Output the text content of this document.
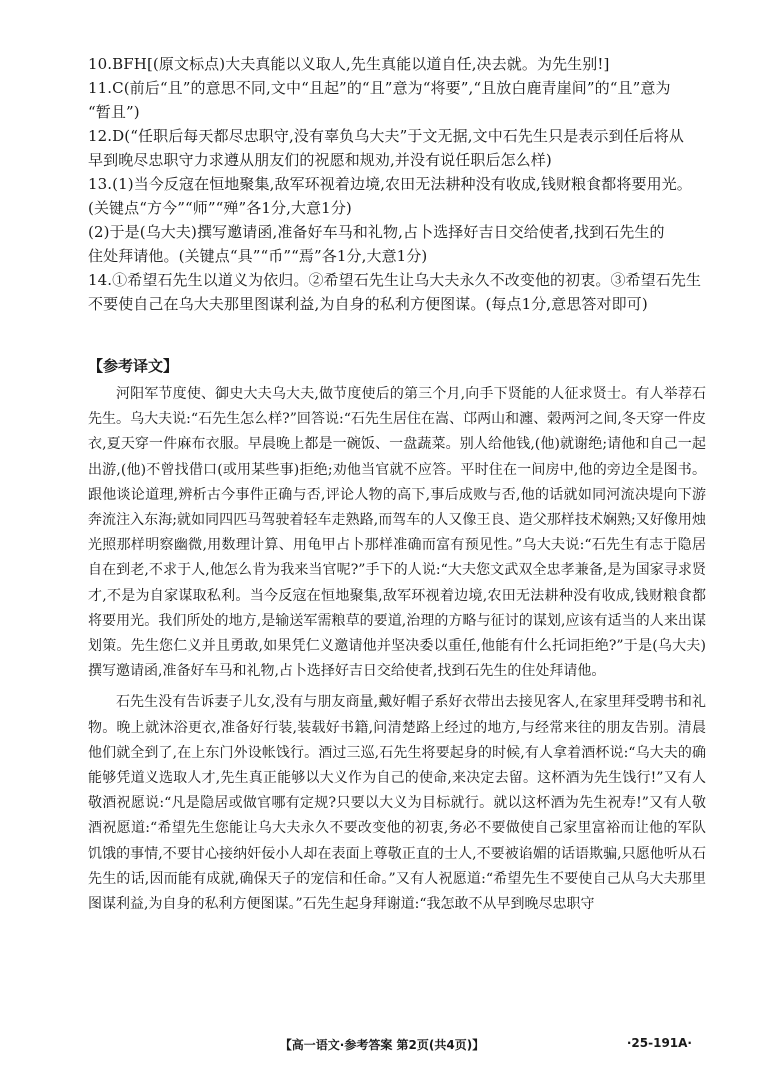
10.BFH[(原文标点)大夫真能以义取人,先生真能以道自任,决去就。为先生别!]
11.C(前后“且”的意思不同,文中“且起”的“且”意为“将要”,“且放白鹿青崖间”的“且”意为
“暂且”)
12.D(“任职后每天都尽忠职守,没有辜负乌大夫”于文无据,文中石先生只是表示到任后将从
早到晚尽忠职守力求遵从朋友们的祝愿和规劝,并没有说任职后怎么样)
13.(1)当今反寇在恒地聚集,敌军环视着边境,农田无法耕种没有收成,钱财粮食都将要用光。
(关键点“方今”“师”“殚”各1分,大意1分)
(2)于是(乌大夫)撰写邀请函,准备好车马和礼物,占卜选择好吉日交给使者,找到石先生的
住处拜请他。(关键点“具”“币”“焉”各1分,大意1分)
14.①希望石先生以道义为依归。②希望石先生让乌大夫永久不改变他的初衷。③希望石先生
不要使自己在乌大夫那里图谋利益,为自身的私利方便图谋。(每点1分,意思答对即可)
【参考译文】

河阳军节度使、御史大夫乌大夫,做节度使后的第三个月,向手下贤能的人征求贤士。有人举荐石先生。乌大夫说:“石先生怎么样?”回答说:“石先生居住在嵩、邙两山和瀍、榖两河之间,冬天穿一件皮衣,夏天穿一件麻布衣服。早晨晚上都是一碗饭、一盘蔬菜。别人给他钱,(他)就谢绝;请他和自己一起出游,(他)不曾找借口(或用某些事)拒绝;劝他当官就不应答。平时住在一间房中,他的旁边全是图书。跟他谈论道理,辨析古今事件正确与否,评论人物的高下,事后成败与否,他的话就如同河流决堤向下游奔流注入东海;就如同四匹马驾驶着轻车走熟路,而驾车的人又像王良、造父那样技术娴熟;又好像用烛光照那样明察幽微,用数理计算、用龟甲占卜那样准确而富有预见性。”乌大夫说:“石先生有志于隐居自在到老,不求于人,他怎么肯为我来当官呢?”手下的人说:“大夫您文武双全忠孝兼备,是为国家寻求贤才,不是为自家谋取私利。当今反寇在恒地聚集,敌军环视着边境,农田无法耕种没有收成,钱财粮食都将要用光。我们所处的地方,是输送军需粮草的要道,治理的方略与征讨的谋划,应该有适当的人来出谋划策。先生您仁义并且勇敢,如果凭仁义邀请他并坚决委以重任,他能有什么托词拒绝?”于是(乌大夫)撰写邀请函,准备好车马和礼物,占卜选择好吉日交给使者,找到石先生的住处拜请他。

石先生没有告诉妻子儿女,没有与朋友商量,戴好帽子系好衣带出去接见客人,在家里拜受聘书和礼物。晚上就沐浴更衣,准备好行装,装载好书籍,问清楚路上经过的地方,与经常来往的朋友告别。清晨他们就全到了,在上东门外设帐饯行。酒过三巡,石先生将要起身的时候,有人拿着酒杯说:“乌大夫的确能够凭道义选取人才,先生真正能够以大义作为自己的使命,来决定去留。这杯酒为先生饯行!”又有人敬酒祝愿说:“凡是隐居或做官哪有定规?只要以大义为目标就行。就以这杯酒为先生祝寿!”又有人敬酒祝愿道:“希望先生您能让乌大夫永久不要改变他的初衷,务必不要做使自己家里富裕而让他的军队饥饿的事情,不要甘心接纳奸佞小人却在表面上尊敬正直的士人,不要被谄媚的话语欺骗,只愿他听从石先生的话,因而能有成就,确保天子的宠信和任命。”又有人祝愿道:“希望先生不要使自己从乌大夫那里图谋利益,为自身的私利方便图谋。”石先生起身拜谢道:“我怎敢不从早到晚尽忠职守

【高一语文·参考答案 第2页(共4页)】	·25-191A·
